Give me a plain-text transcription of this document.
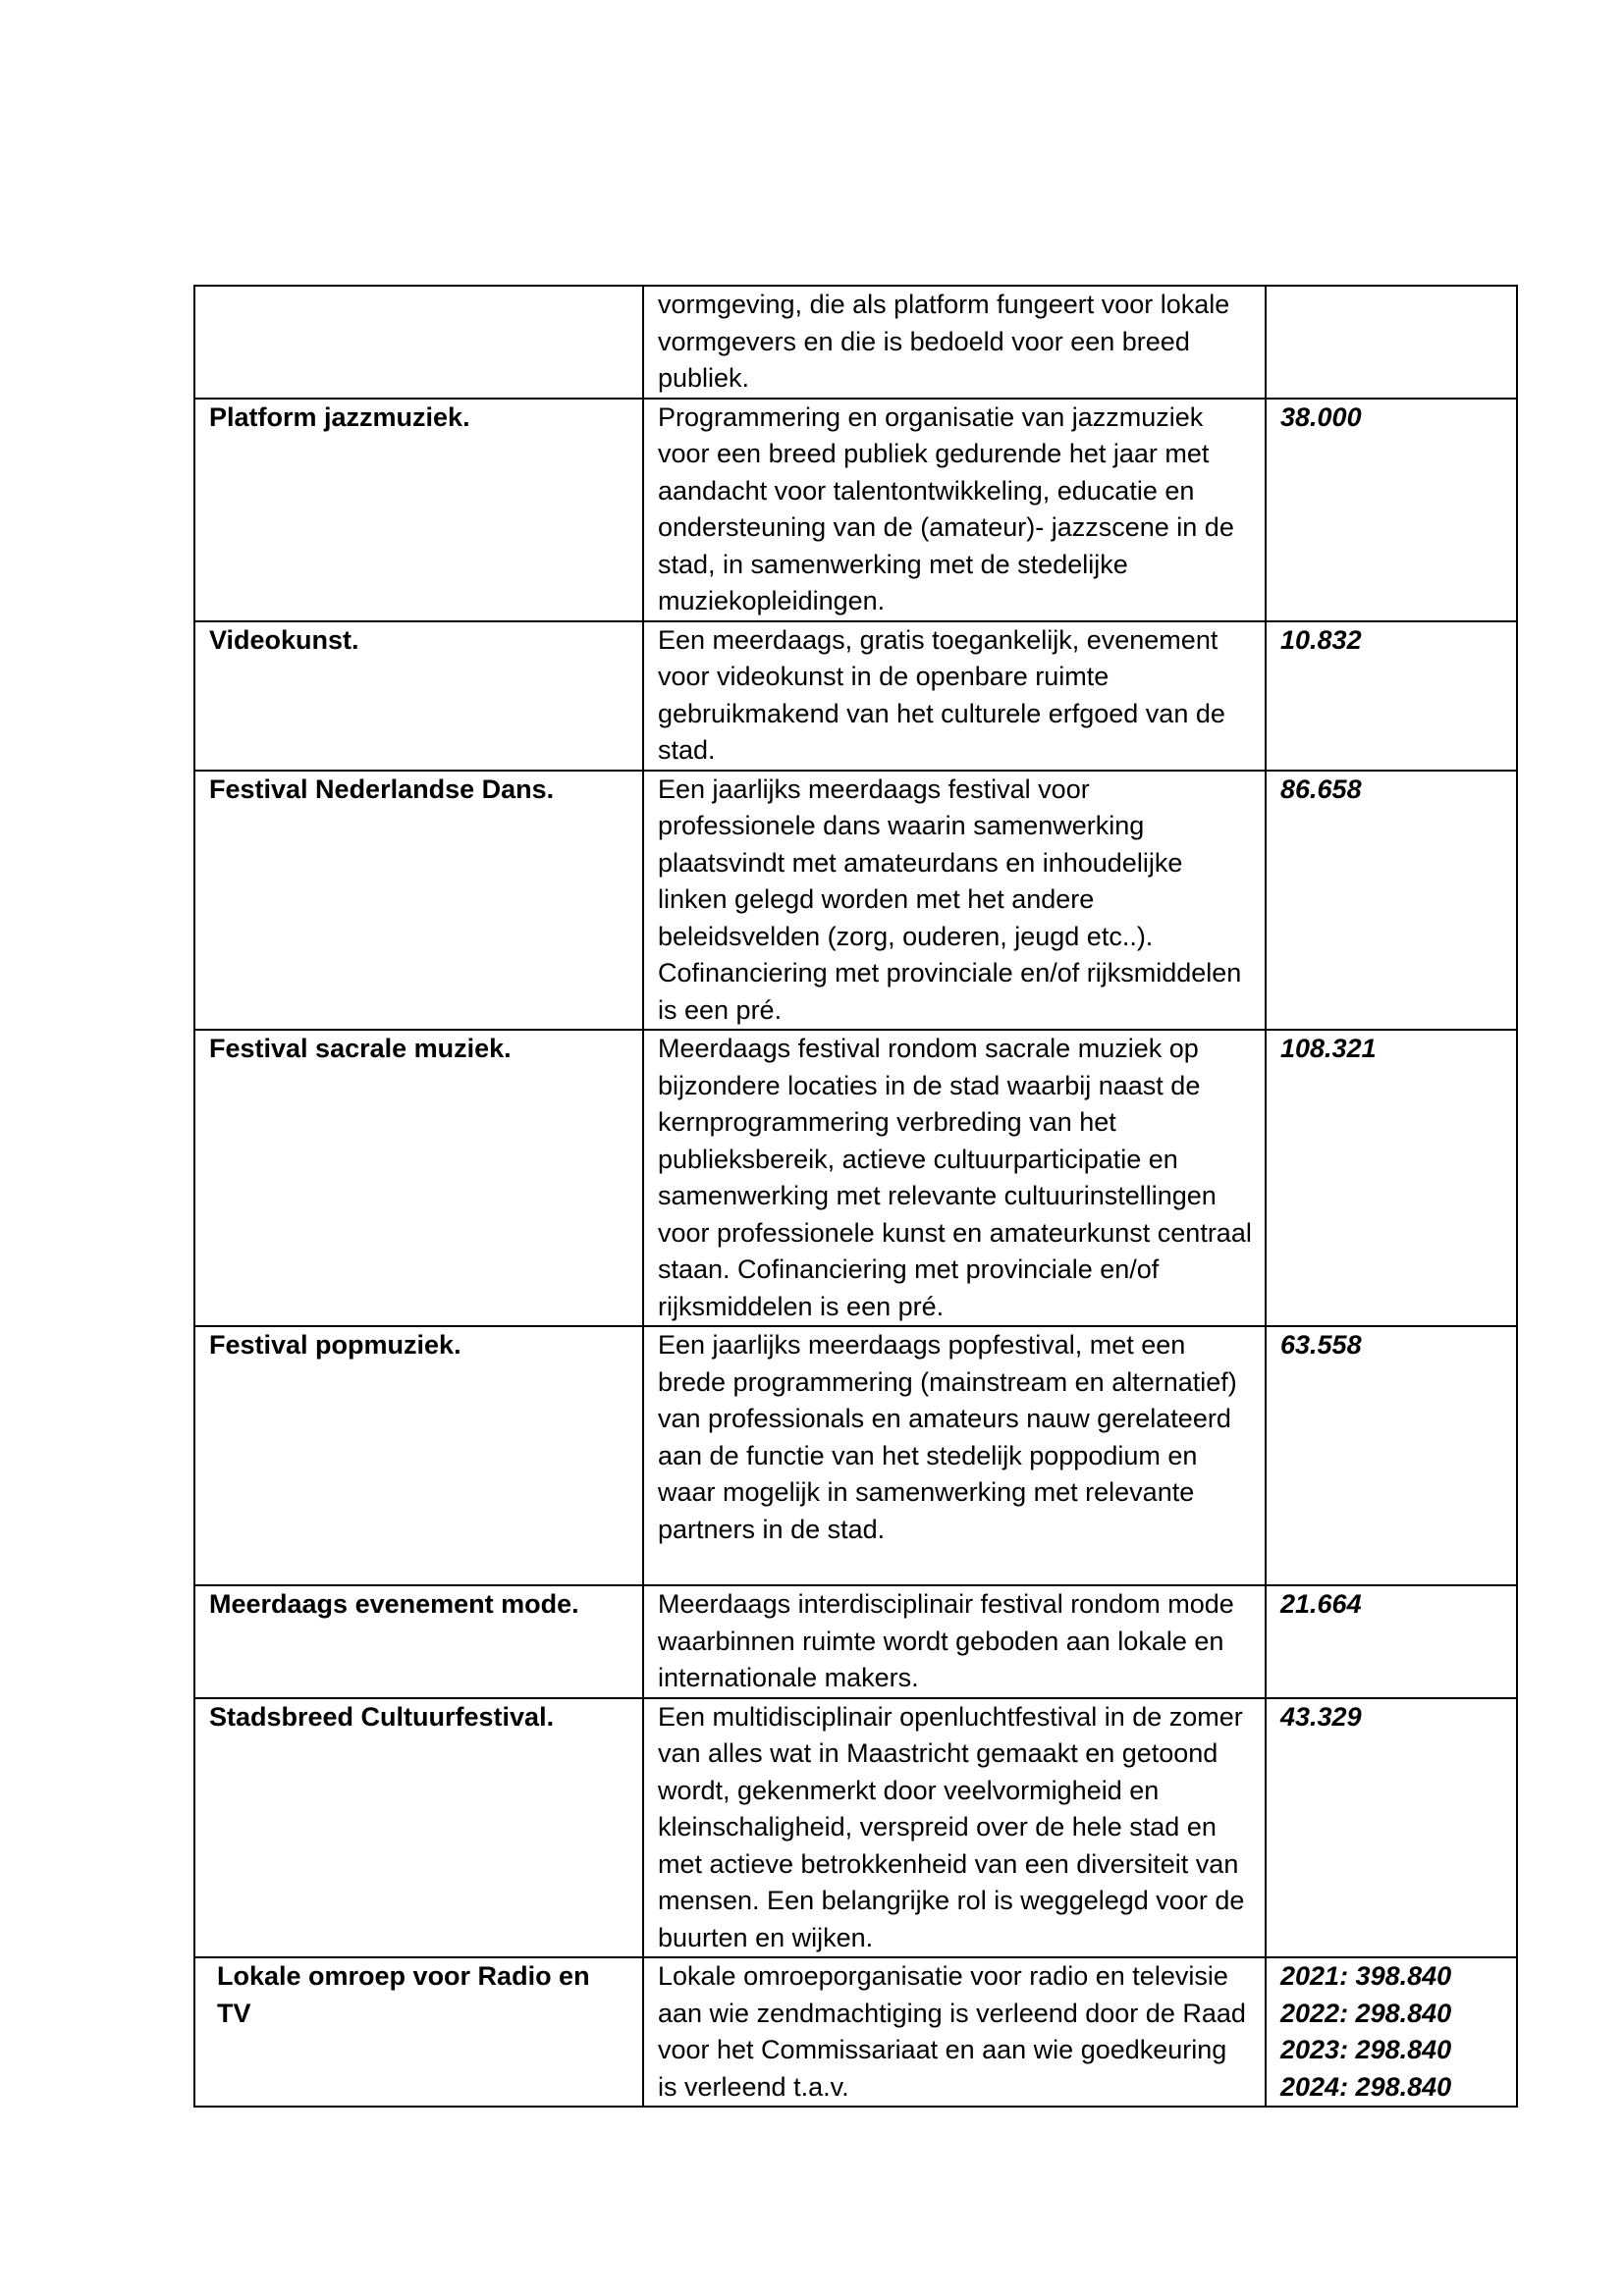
	vormgeving, die als platform fungeert voor lokale vormgevers en die is bedoeld voor een breed publiek.	
Platform jazzmuziek.	Programmering en organisatie van jazzmuziek voor een breed publiek gedurende het jaar met aandacht voor talentontwikkeling, educatie en ondersteuning van de (amateur)- jazzscene in de stad, in samenwerking met de stedelijke muziekopleidingen.	38.000
Videokunst.	Een meerdaags, gratis toegankelijk, evenement voor videokunst in de openbare ruimte gebruikmakend van het culturele erfgoed van de stad.	10.832
Festival Nederlandse Dans.	Een jaarlijks meerdaags festival voor professionele dans waarin samenwerking plaatsvindt met amateurdans en inhoudelijke linken gelegd worden met het andere beleidsvelden (zorg, ouderen, jeugd etc..). Cofinanciering met provinciale en/of rijksmiddelen is een pré.	86.658
Festival sacrale muziek.	Meerdaags festival rondom sacrale muziek op bijzondere locaties in de stad waarbij naast de kernprogrammering verbreding van het publieksbereik, actieve cultuurparticipatie en samenwerking met relevante cultuurinstellingen voor professionele kunst en amateurkunst centraal staan. Cofinanciering met provinciale en/of rijksmiddelen is een pré.	108.321
Festival popmuziek.	Een jaarlijks meerdaags popfestival, met een brede programmering (mainstream en alternatief) van professionals en amateurs nauw gerelateerd aan de functie van het stedelijk poppodium en waar mogelijk in samenwerking met relevante partners in de stad.	63.558
Meerdaags evenement mode.	Meerdaags interdisciplinair festival rondom mode waarbinnen ruimte wordt geboden aan lokale en internationale makers.	21.664
Stadsbreed Cultuurfestival.	Een multidisciplinair openluchtfestival in de zomer van alles wat in Maastricht gemaakt en getoond wordt, gekenmerkt door veelvormigheid en kleinschaligheid, verspreid over de hele stad en met actieve betrokkenheid van een diversiteit van mensen. Een belangrijke rol is weggelegd voor de buurten en wijken.	43.329
Lokale omroep voor Radio en TV	Lokale omroeporganisatie voor radio en televisie aan wie zendmachtiging is verleend door de Raad voor het Commissariaat en aan wie goedkeuring is verleend t.a.v.	2021: 398.840
2022: 298.840
2023: 298.840
2024: 298.840
